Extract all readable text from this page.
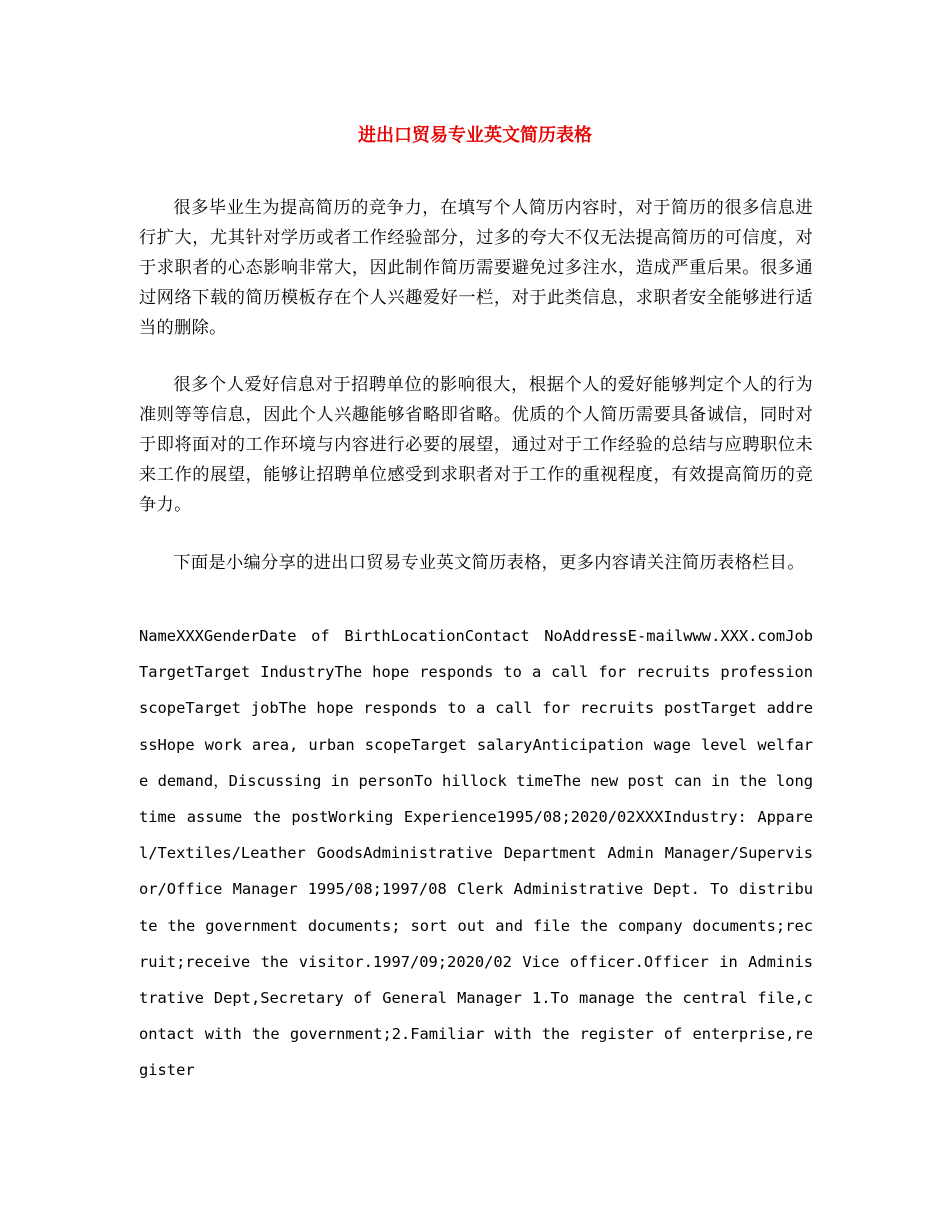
进出口贸易专业英文简历表格

很多毕业生为提高简历的竞争力，在填写个人简历内容时，对于简历的很多信息进行扩大，尤其针对学历或者工作经验部分，过多的夸大不仅无法提高简历的可信度，对于求职者的心态影响非常大，因此制作简历需要避免过多注水，造成严重后果。很多通过网络下载的简历模板存在个人兴趣爱好一栏，对于此类信息，求职者安全能够进行适当的删除。

很多个人爱好信息对于招聘单位的影响很大，根据个人的爱好能够判定个人的行为准则等等信息，因此个人兴趣能够省略即省略。优质的个人简历需要具备诚信，同时对于即将面对的工作环境与内容进行必要的展望，通过对于工作经验的总结与应聘职位未来工作的展望，能够让招聘单位感受到求职者对于工作的重视程度，有效提高简历的竞争力。

下面是小编分享的进出口贸易专业英文简历表格，更多内容请关注简历表格栏目。

NameXXXGenderDate of BirthLocationContact NoAddressE-mailwww.XXX.comJob TargetTarget IndustryThe hope responds to a call for recruits profession scopeTarget jobThe hope responds to a call for recruits postTarget addressHope work area, urban scopeTarget salaryAnticipation wage level welfare demand，Discussing in personTo hillock timeThe new post can in the long time assume the postWorking Experience1995/08;2020/02XXXIndustry: Apparel/Textiles/Leather GoodsAdministrative Department Admin Manager/Supervisor/Office Manager 1995/08;1997/08 Clerk Administrative Dept. To distribute the government documents; sort out and file the company documents;recruit;receive the visitor.1997/09;2020/02 Vice officer.Officer in Administrative Dept,Secretary of General Manager 1.To manage the central file,contact with the government;2.Familiar with the register of enterprise,register
